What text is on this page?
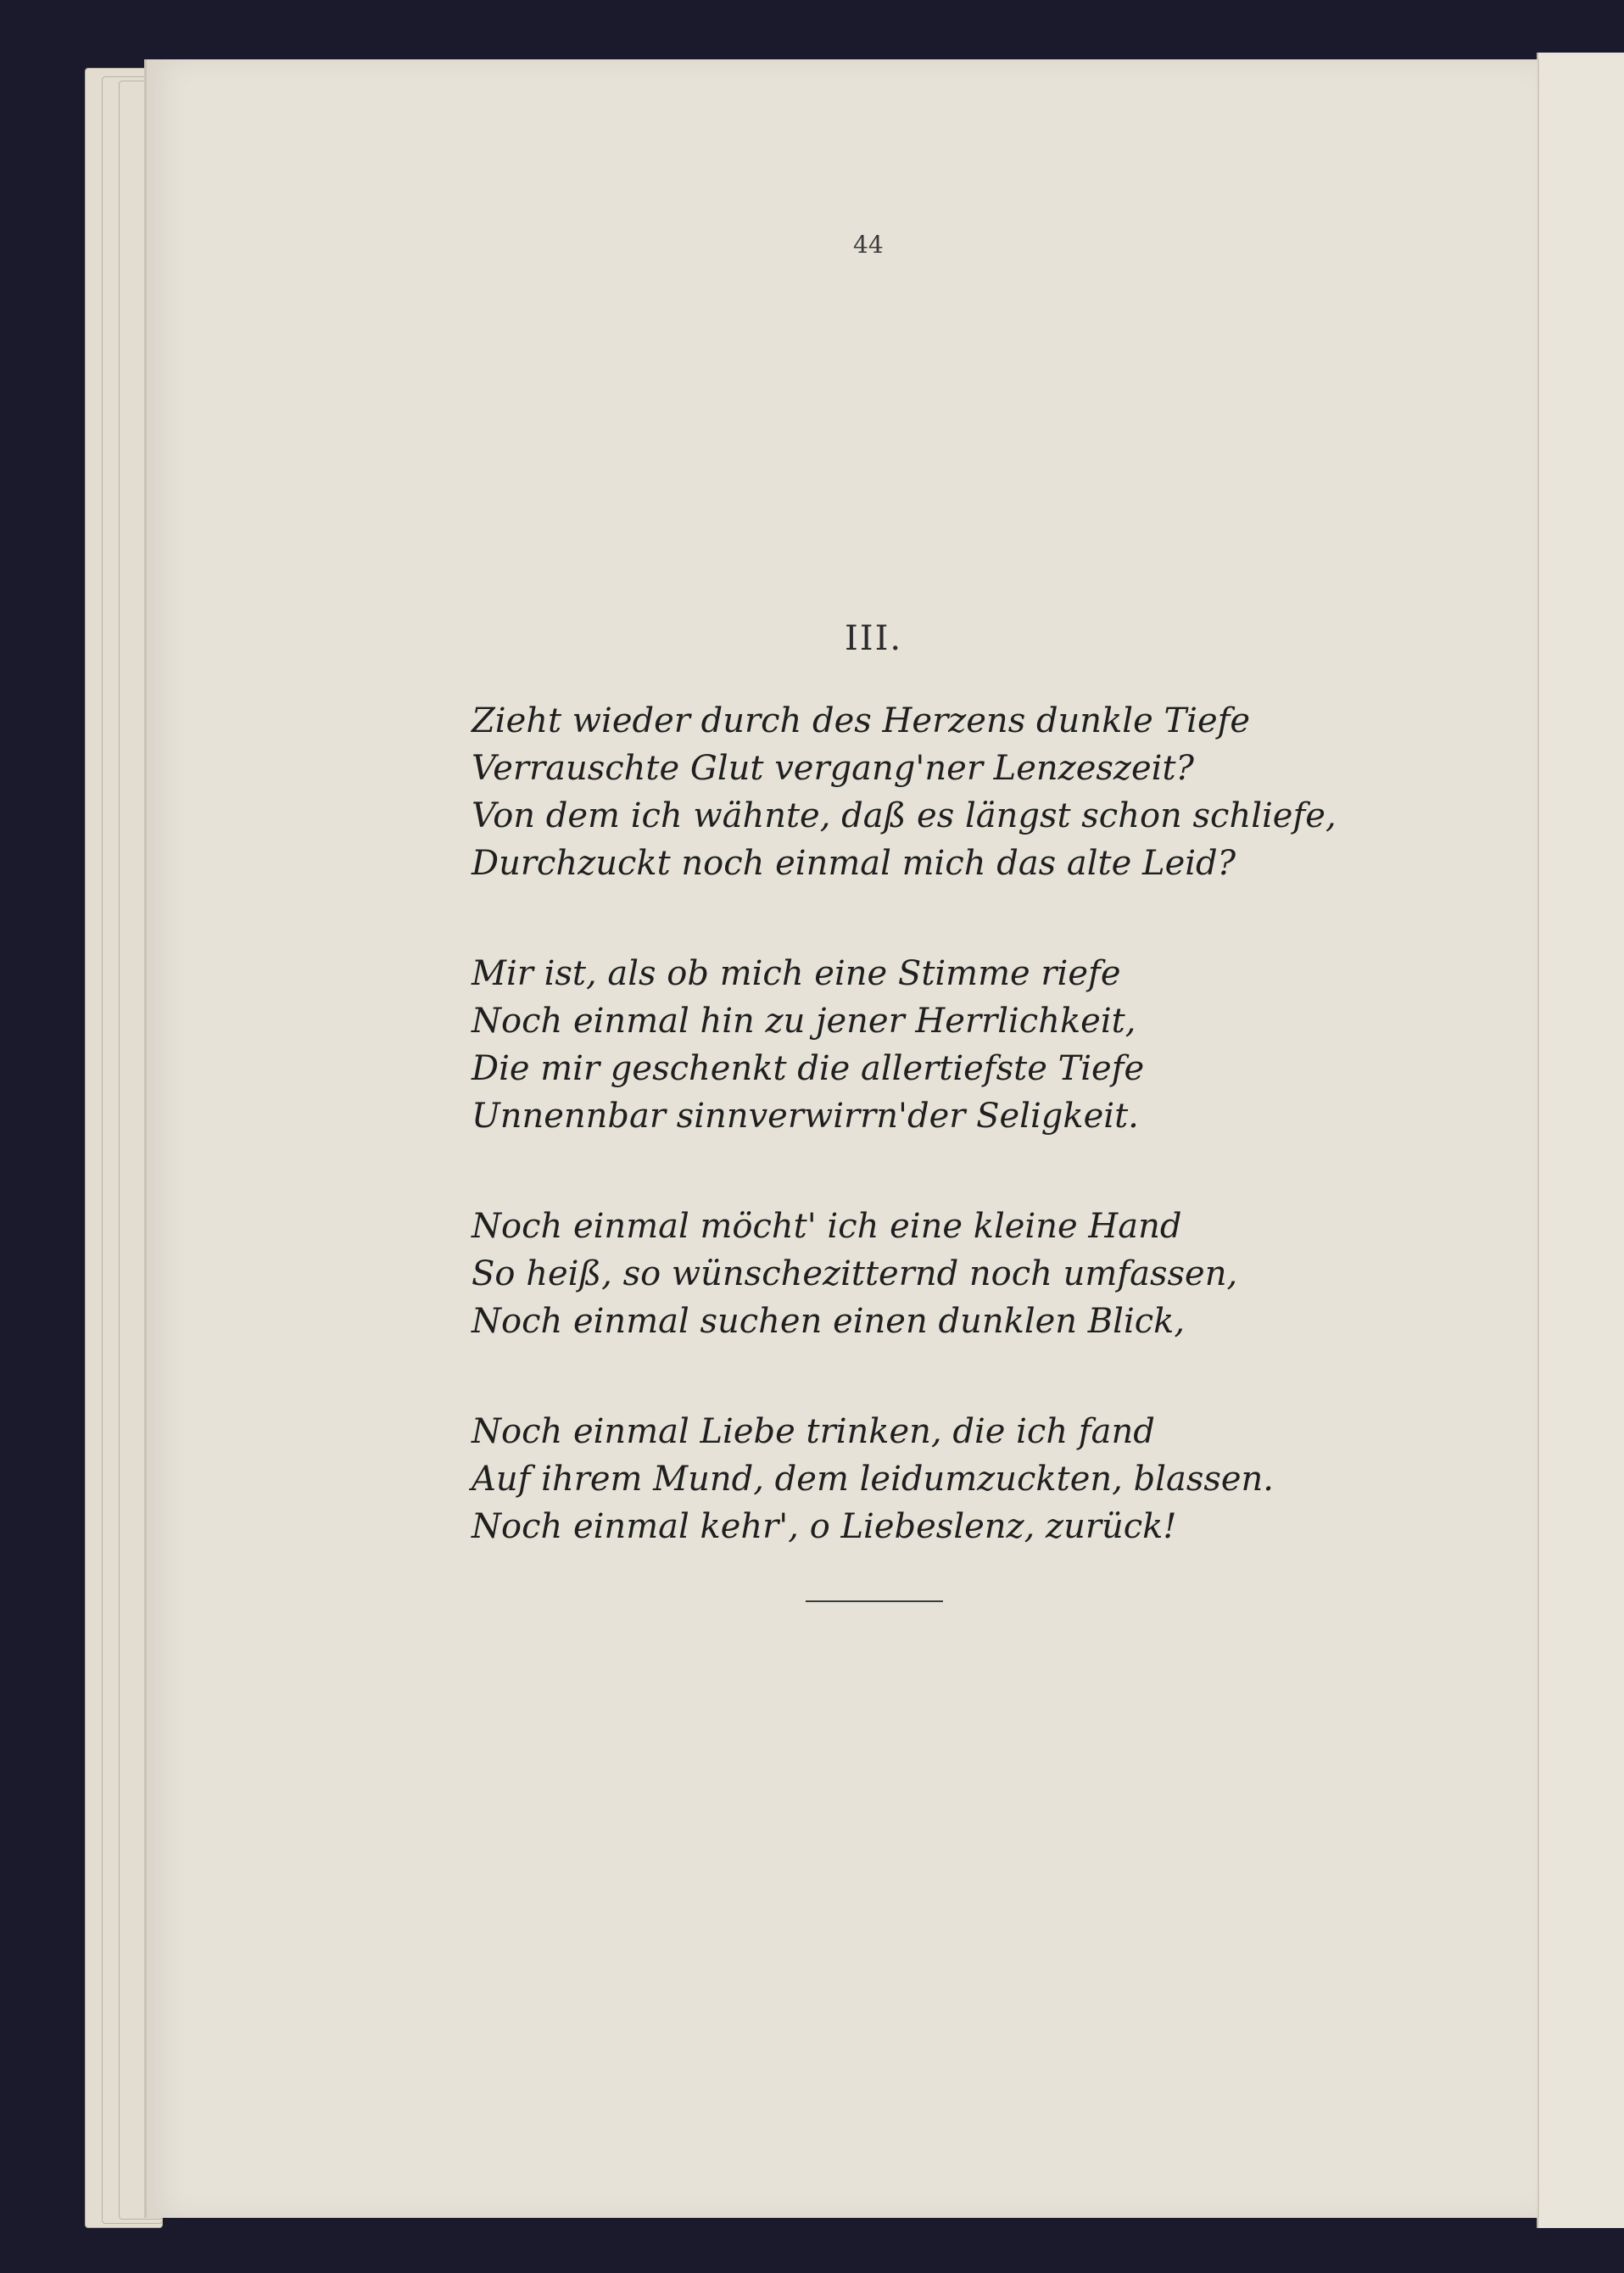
44
III.
Zieht wieder durch des Herzens dunkle Tiefe
Verrauschte Glut vergang'ner Lenzeszeit?
Von dem ich wähnte, daß es längst schon schliefe,
Durchzuckt noch einmal mich das alte Leid?
Mir ist, als ob mich eine Stimme riefe
Noch einmal hin zu jener Herrlichkeit,
Die mir geschenkt die allertiefste Tiefe
Unnennbar sinnverwirrn'der Seligkeit.
Noch einmal möcht' ich eine kleine Hand
So heiß, so wünschezitternd noch umfassen,
Noch einmal suchen einen dunklen Blick,
Noch einmal Liebe trinken, die ich fand
Auf ihrem Mund, dem leidumzuckten, blassen.
Noch einmal kehr', o Liebeslenz, zurück!
